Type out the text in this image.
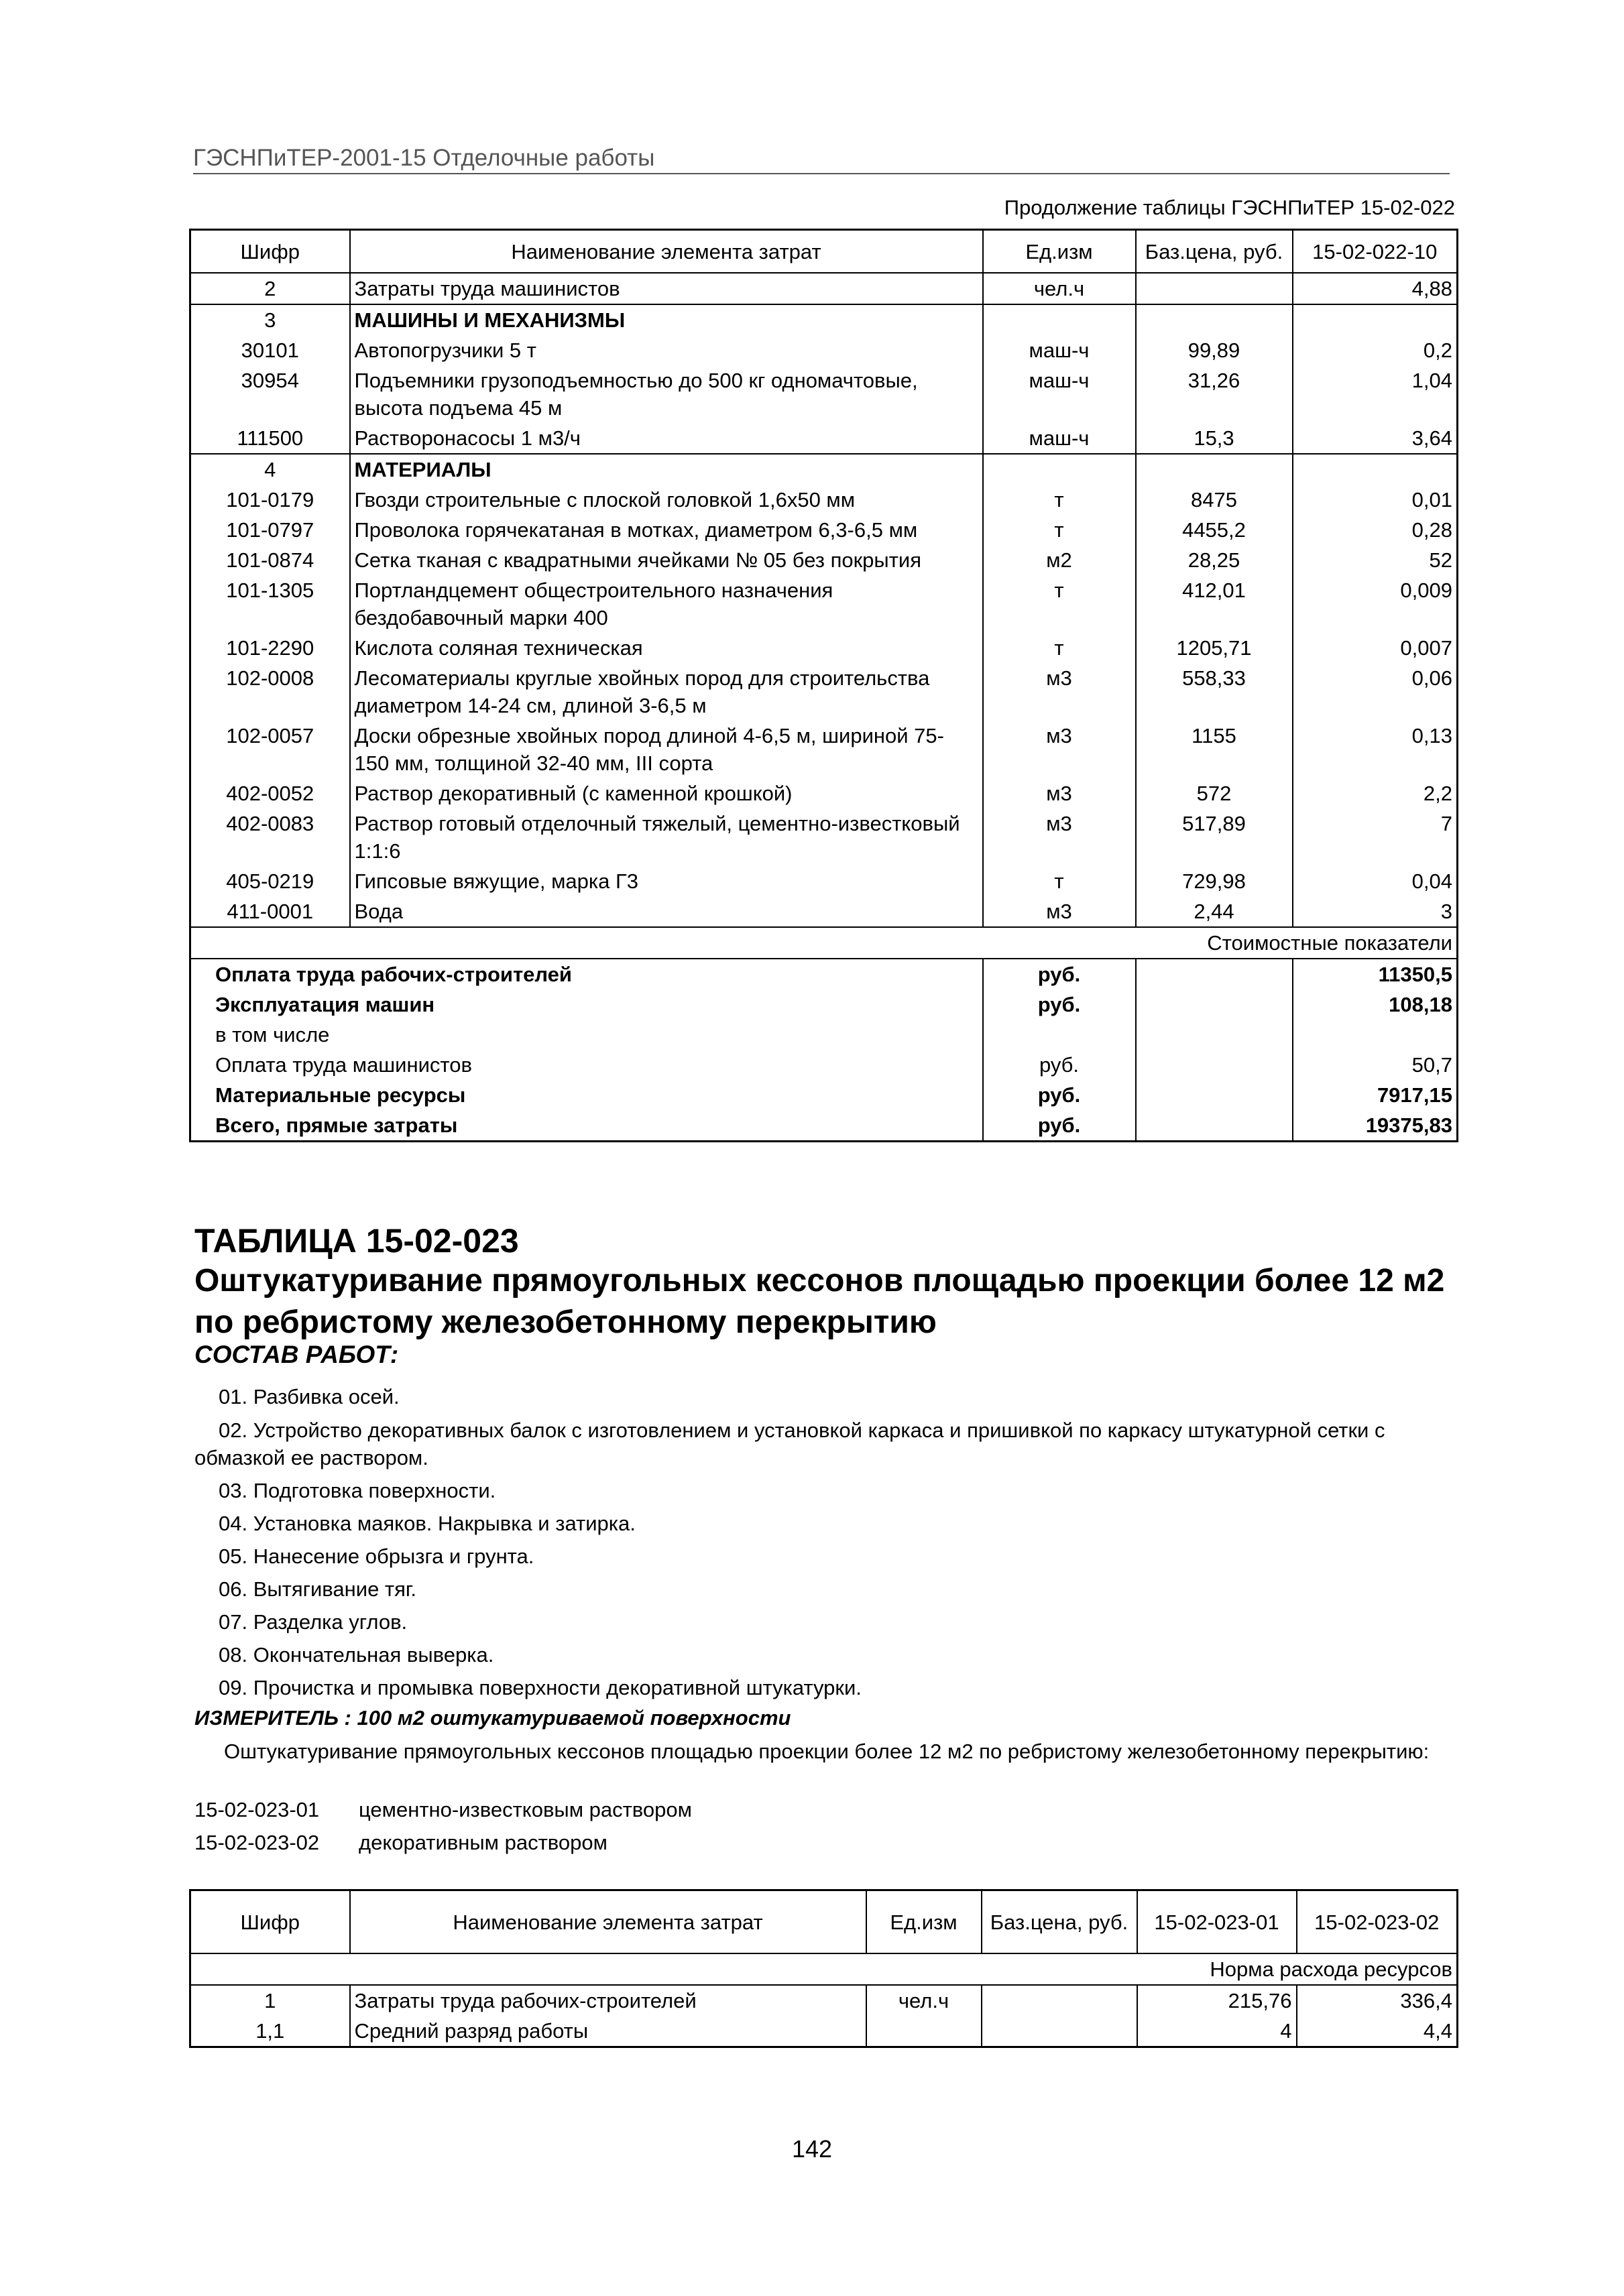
ГЭСНПиТЕР-2001-15 Отделочные работы
Продолжение таблицы ГЭСНПиТЕР 15-02-022
Шифр	Наименование элемента затрат	Ед.изм	Баз.цена, руб.	15-02-022-10
2	Затраты труда машинистов	чел.ч		4,88
3	МАШИНЫ И МЕХАНИЗМЫ			
30101	Автопогрузчики 5 т	маш-ч	99,89	0,2
30954	Подъемники грузоподъемностью до 500 кг одномачтовые, высота подъема 45 м	маш-ч	31,26	1,04
111500	Растворонасосы 1 м3/ч	маш-ч	15,3	3,64
4	МАТЕРИАЛЫ			
101-0179	Гвозди строительные с плоской головкой 1,6х50 мм	т	8475	0,01
101-0797	Проволока горячекатаная в мотках, диаметром 6,3-6,5 мм	т	4455,2	0,28
101-0874	Сетка тканая с квадратными ячейками № 05 без покрытия	м2	28,25	52
101-1305	Портландцемент общестроительного назначения бездобавочный марки 400	т	412,01	0,009
101-2290	Кислота соляная техническая	т	1205,71	0,007
102-0008	Лесоматериалы круглые хвойных пород для строительства диаметром 14-24 см, длиной 3-6,5 м	м3	558,33	0,06
102-0057	Доски обрезные хвойных пород длиной 4-6,5 м, шириной 75-150 мм, толщиной 32-40 мм, III сорта	м3	1155	0,13
402-0052	Раствор декоративный (с каменной крошкой)	м3	572	2,2
402-0083	Раствор готовый отделочный тяжелый, цементно-известковый 1:1:6	м3	517,89	7
405-0219	Гипсовые вяжущие, марка Г3	т	729,98	0,04
411-0001	Вода	м3	2,44	3
Стоимостные показатели				
Оплата труда рабочих-строителей		руб.		11350,5
Эксплуатация машин		руб.		108,18
в том числе				
Оплата труда машинистов		руб.		50,7
Материальные ресурсы		руб.		7917,15
Всего, прямые затраты		руб.		19375,83
ТАБЛИЦА 15-02-023
Оштукатуривание прямоугольных кессонов площадью проекции более 12 м2 по ребристому железобетонному перекрытию
СОСТАВ РАБОТ:
01. Разбивка осей.
02. Устройство декоративных балок с изготовлением и установкой каркаса и пришивкой по каркасу штукатурной сетки с обмазкой ее раствором.
03. Подготовка поверхности.
04. Установка маяков. Накрывка и затирка.
05. Нанесение обрызга и грунта.
06. Вытягивание тяг.
07. Разделка углов.
08. Окончательная выверка.
09. Прочистка и промывка поверхности декоративной штукатурки.
ИЗМЕРИТЕЛЬ : 100 м2 оштукатуриваемой поверхности
Оштукатуривание прямоугольных кессонов площадью проекции более 12 м2 по ребристому железобетонному перекрытию:
15-02-023-01 цементно-известковым раствором
15-02-023-02 декоративным раствором
Шифр	Наименование элемента затрат	Ед.изм	Баз.цена, руб.	15-02-023-01	15-02-023-02
Норма расхода ресурсов					
1	Затраты труда рабочих-строителей	чел.ч		215,76	336,4
1,1	Средний разряд работы			4	4,4
142
